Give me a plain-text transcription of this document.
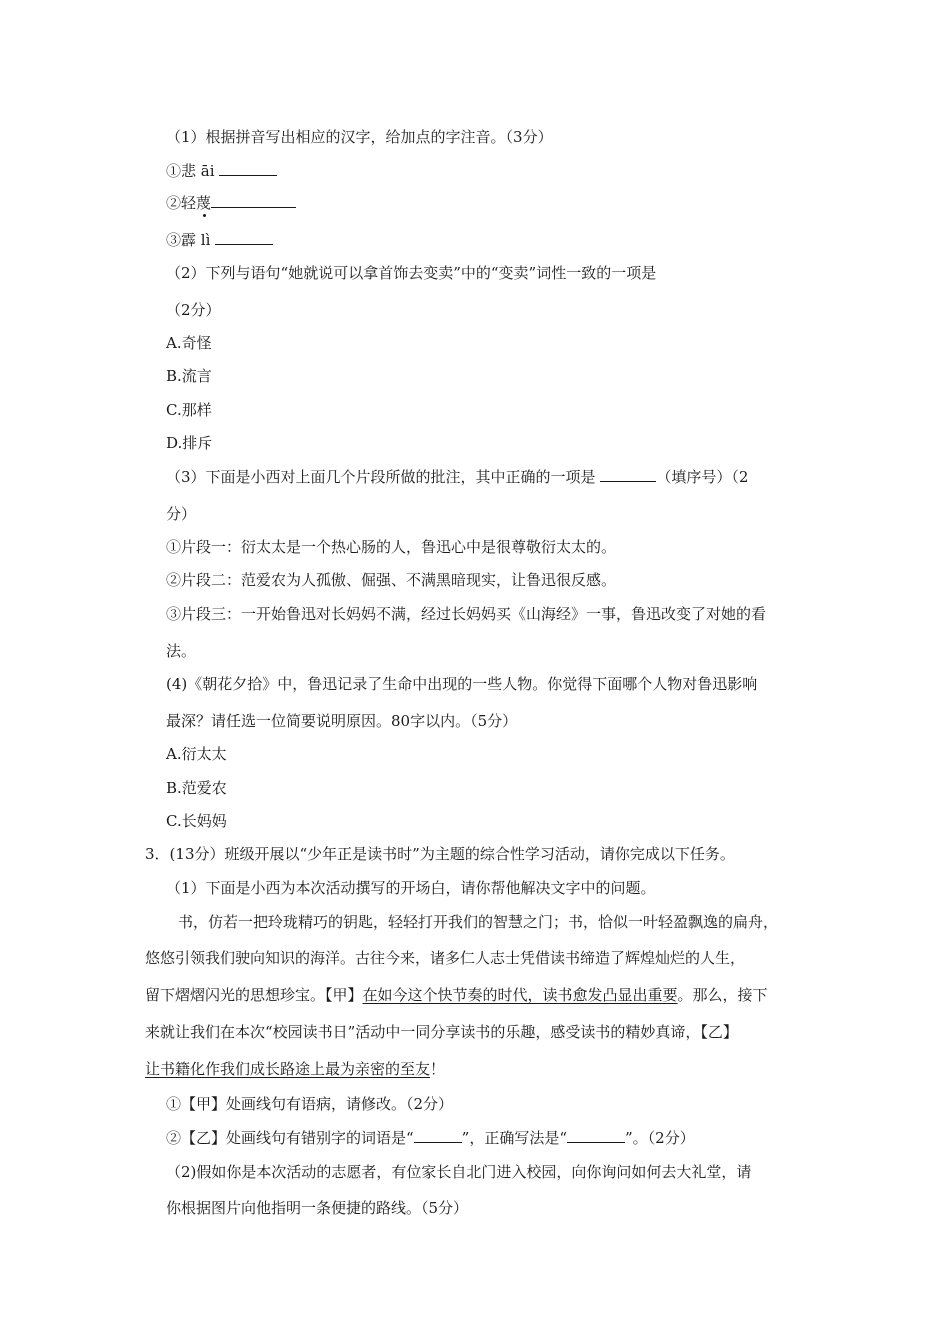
（1）根据拼音写出相应的汉字，给加点的字注音。（3分）
①悲 āi
②轻蔑
③霹 lì
（2）下列与语句“她就说可以拿首饰去变卖”中的“变卖”词性一致的一项是
（2分）
A.奇怪
B.流言
C.那样
D.排斥
（3）下面是小西对上面几个片段所做的批注，其中正确的一项是	（填序号）（2
分）
①片段一：衍太太是一个热心肠的人，鲁迅心中是很尊敬衍太太的。
②片段二：范爱农为人孤傲、倔强、不满黑暗现实，让鲁迅很反感。
③片段三：一开始鲁迅对长妈妈不满，经过长妈妈买《山海经》一事，鲁迅改变了对她的看
法。
(4)《朝花夕拾》中，鲁迅记录了生命中出现的一些人物。你觉得下面哪个人物对鲁迅影响
最深？请任选一位简要说明原因。80字以内。（5分）
A.衍太太
B.范爱农
C.长妈妈
3．(13分）班级开展以“少年正是读书时”为主题的综合性学习活动，请你完成以下任务。
（1）下面是小西为本次活动撰写的开场白，请你帮他解决文字中的问题。
书，仿若一把玲珑精巧的钥匙，轻轻打开我们的智慧之门；书，恰似一叶轻盈飘逸的扁舟，
悠悠引领我们驶向知识的海洋。古往今来，诸多仁人志士凭借读书缔造了辉煌灿烂的人生，
留下熠熠闪光的思想珍宝。【甲】在如今这个快节奏的时代，读书愈发凸显出重要。那么，接下
来就让我们在本次“校园读书日”活动中一同分享读书的乐趣，感受读书的精妙真谛，【乙】
让书籍化作我们成长路途上最为亲密的至友！
①【甲】处画线句有语病，请修改。（2分）
②【乙】处画线句有错别字的词语是“	”，正确写法是“	”。（2分）
（2)假如你是本次活动的志愿者，有位家长自北门进入校园，向你询问如何去大礼堂，请
你根据图片向他指明一条便捷的路线。（5分）
